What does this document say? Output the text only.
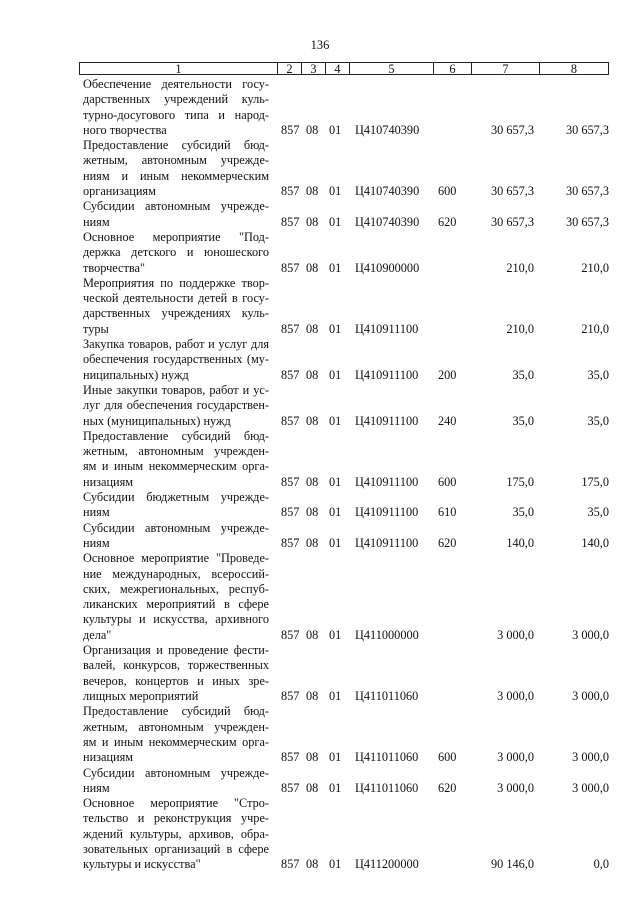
136
1	2	3	4	5	6	7	8
Обеспечение деятельности госу-
дарственных учреждений куль-
турно-досугового типа и народ-
ного творчества	857 08 01 Ц410740390	30 657,3	30 657,3
Предоставление субсидий бюд-
жетным, автономным учрежде-
ниям и иным некоммерческим
организациям	857 08 01 Ц410740390 600	30 657,3	30 657,3
Субсидии автономным учрежде-
ниям	857 08 01 Ц410740390 620	30 657,3	30 657,3
Основное мероприятие "Под-
держка детского и юношеского
творчества"	857 08 01 Ц410900000	210,0	210,0
Мероприятия по поддержке твор-
ческой деятельности детей в госу-
дарственных учреждениях куль-
туры	857 08 01 Ц410911100	210,0	210,0
Закупка товаров, работ и услуг для
обеспечения государственных (му-
ниципальных) нужд	857 08 01 Ц410911100 200	35,0	35,0
Иные закупки товаров, работ и ус-
луг для обеспечения государствен-
ных (муниципальных) нужд	857 08 01 Ц410911100 240	35,0	35,0
Предоставление субсидий бюд-
жетным, автономным учрежден-
ям и иным некоммерческим орга-
низациям	857 08 01 Ц410911100 600	175,0	175,0
Субсидии бюджетным учрежде-
ниям	857 08 01 Ц410911100 610	35,0	35,0
Субсидии автономным учрежде-
ниям	857 08 01 Ц410911100 620	140,0	140,0
Основное мероприятие "Проведе-
ние международных, всероссий-
ских, межрегиональных, респуб-
ликанских мероприятий в сфере
культуры и искусства, архивного
дела"	857 08 01 Ц411000000	3 000,0	3 000,0
Организация и проведение фести-
валей, конкурсов, торжественных
вечеров, концертов и иных зре-
лищных мероприятий	857 08 01 Ц411011060	3 000,0	3 000,0
Предоставление субсидий бюд-
жетным, автономным учрежден-
ям и иным некоммерческим орга-
низациям	857 08 01 Ц411011060 600	3 000,0	3 000,0
Субсидии автономным учрежде-
ниям	857 08 01 Ц411011060 620	3 000,0	3 000,0
Основное мероприятие "Стро-
тельство и реконструкция учре-
ждений культуры, архивов, обра-
зовательных организаций в сфере
культуры и искусства"	857 08 01 Ц411200000	90 146,0	0,0
